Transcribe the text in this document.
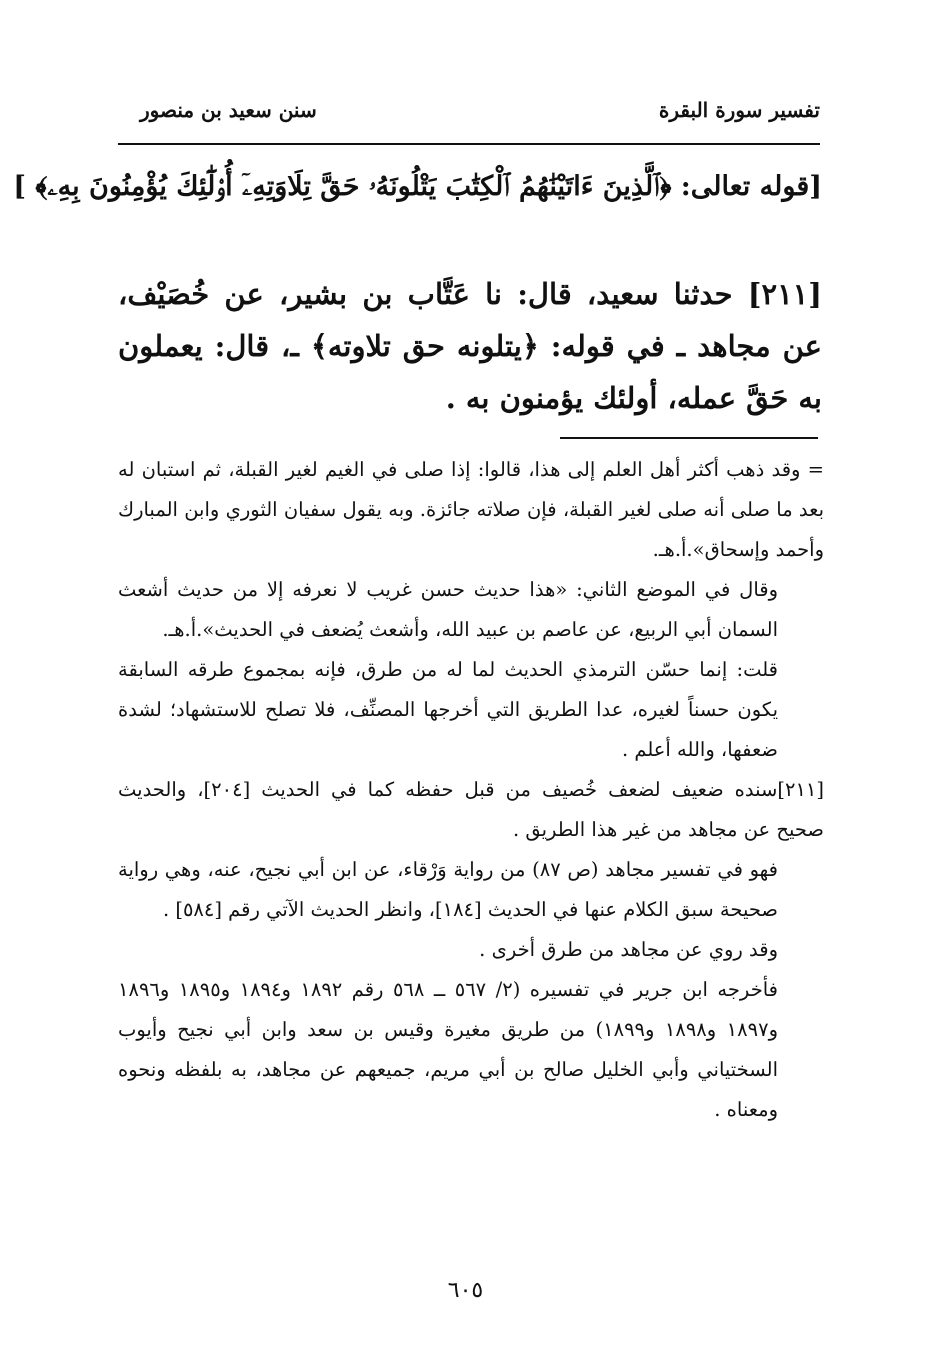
تفسير سورة البقرة
سنن سعيد بن منصور
[قوله تعالى: ﴿ٱلَّذِينَ ءَاتَيْنَٰهُمُ ٱلْكِتَٰبَ يَتْلُونَهُۥ حَقَّ تِلَاوَتِهِۦٓ أُو۟لَٰٓئِكَ يُؤْمِنُونَ بِهِۦ﴾ ]
[٢١١] حدثنا سعيد، قال: نا عَتَّاب بن بشير، عن خُصَيْف، عن مجاهد ـ في قوله: ﴿يتلونه حق تلاوته﴾ ـ، قال: يعملون به حَقَّ عمله، أولئك يؤمنون به .

= وقد ذهب أكثر أهل العلم إلى هذا، قالوا: إذا صلى في الغيم لغير القبلة، ثم استبان له بعد ما صلى أنه صلى لغير القبلة، فإن صلاته جائزة. وبه يقول سفيان الثوري وابن المبارك وأحمد وإسحاق».أ.هـ.

وقال في الموضع الثاني: «هذا حديث حسن غريب لا نعرفه إلا من حديث أشعث السمان أبي الربيع، عن عاصم بن عبيد الله، وأشعث يُضعف في الحديث».أ.هـ.

قلت: إنما حسّن الترمذي الحديث لما له من طرق، فإنه بمجموع طرقه السابقة يكون حسناً لغيره، عدا الطريق التي أخرجها المصنِّف، فلا تصلح للاستشهاد؛ لشدة ضعفها، والله أعلم .

[٢١١]سنده ضعيف لضعف خُصيف من قبل حفظه كما في الحديث [٢٠٤]، والحديث صحيح عن مجاهد من غير هذا الطريق .

فهو في تفسير مجاهد (ص ٨٧) من رواية وَرْقاء، عن ابن أبي نجيح، عنه، وهي رواية صحيحة سبق الكلام عنها في الحديث [١٨٤]، وانظر الحديث الآتي رقم [٥٨٤] .

وقد روي عن مجاهد من طرق أخرى .

فأخرجه ابن جرير في تفسيره (٢/ ٥٦٧ ــ ٥٦٨ رقم ١٨٩٢ و١٨٩٤ و١٨٩٥ و١٨٩٦ و١٨٩٧ و١٨٩٨ و١٨٩٩) من طريق مغيرة وقيس بن سعد وابن أبي نجيح وأيوب السختياني وأبي الخليل صالح بن أبي مريم، جميعهم عن مجاهد، به بلفظه ونحوه ومعناه .

٦٠٥
